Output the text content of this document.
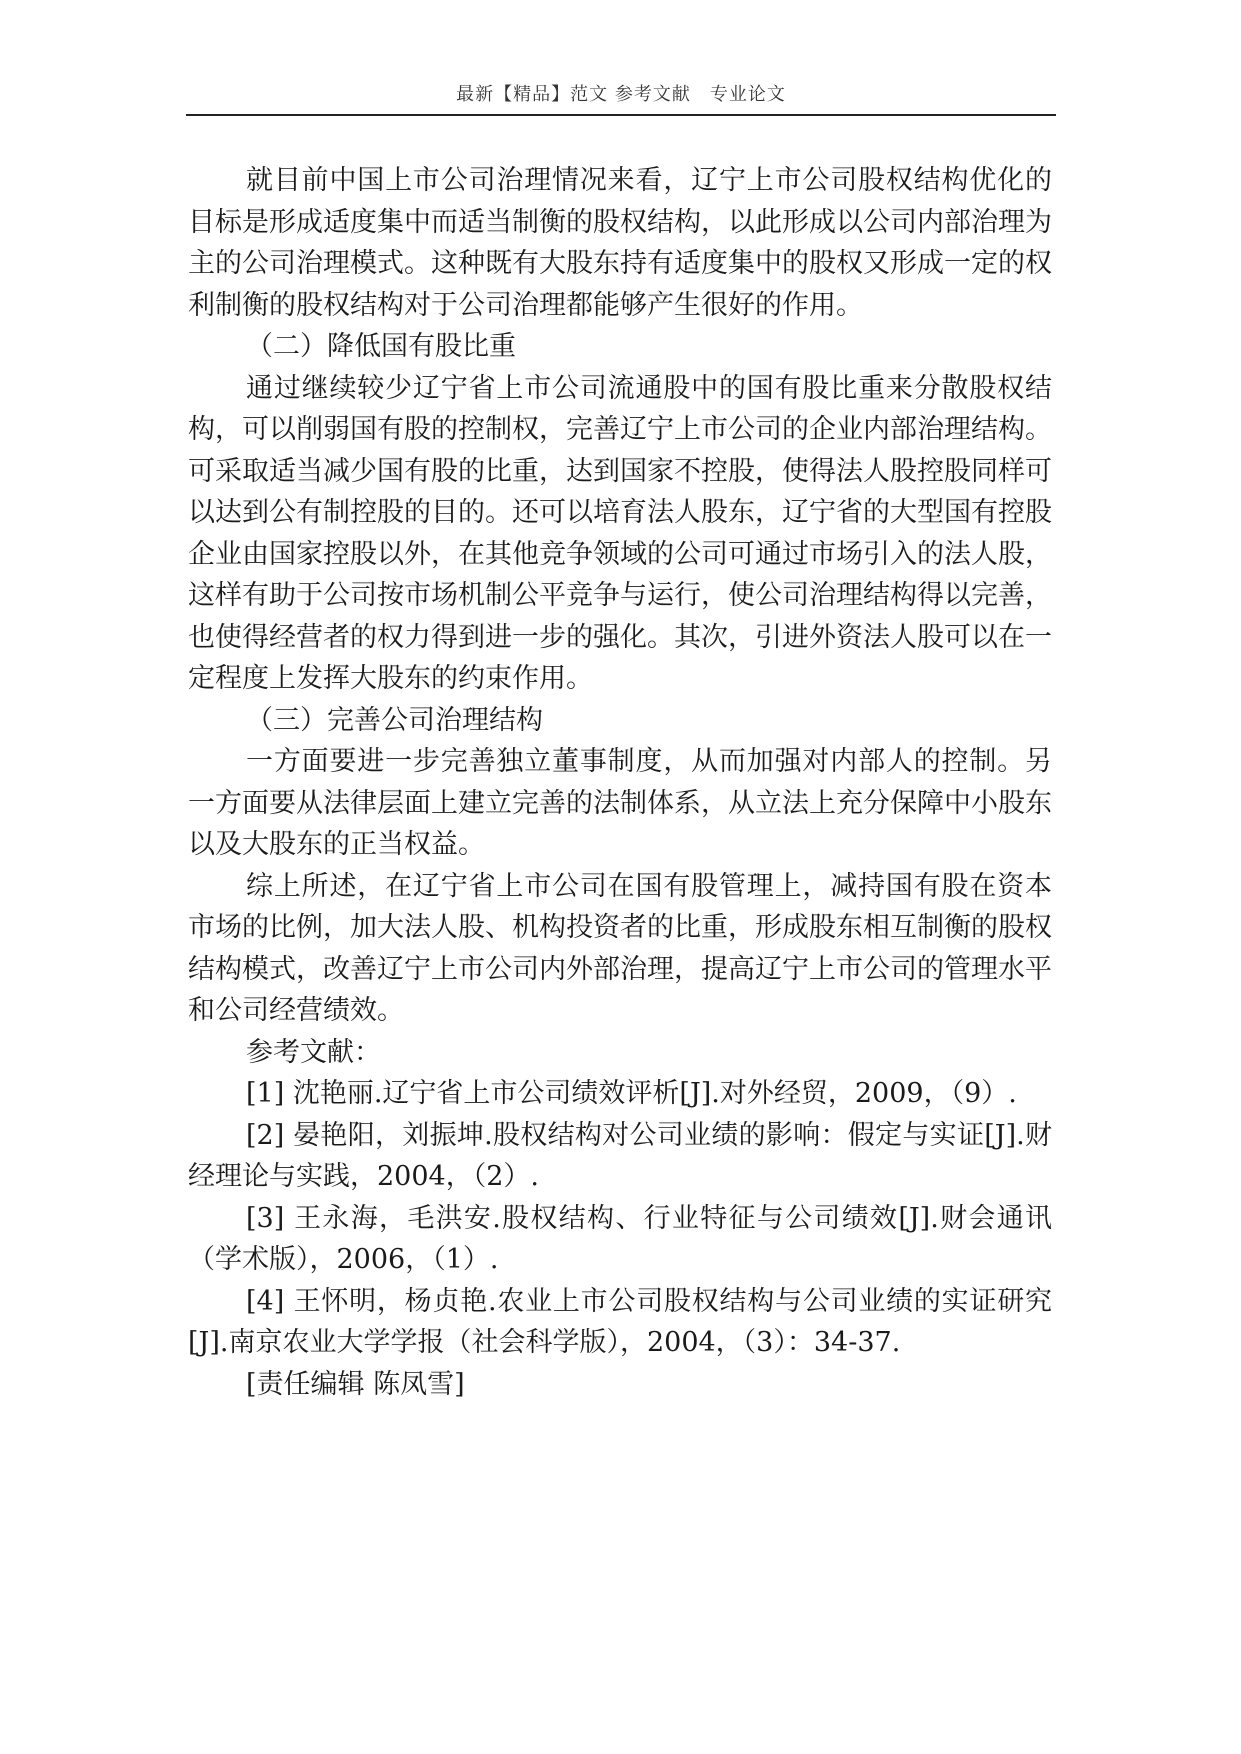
最新【精品】范文 参考文献　专业论文

就目前中国上市公司治理情况来看，辽宁上市公司股权结构优化的目标是形成适度集中而适当制衡的股权结构，以此形成以公司内部治理为主的公司治理模式。这种既有大股东持有适度集中的股权又形成一定的权利制衡的股权结构对于公司治理都能够产生很好的作用。

（二）降低国有股比重

通过继续较少辽宁省上市公司流通股中的国有股比重来分散股权结构，可以削弱国有股的控制权，完善辽宁上市公司的企业内部治理结构。可采取适当减少国有股的比重，达到国家不控股，使得法人股控股同样可以达到公有制控股的目的。还可以培育法人股东，辽宁省的大型国有控股企业由国家控股以外，在其他竞争领域的公司可通过市场引入的法人股，这样有助于公司按市场机制公平竞争与运行，使公司治理结构得以完善，也使得经营者的权力得到进一步的强化。其次，引进外资法人股可以在一定程度上发挥大股东的约束作用。

（三）完善公司治理结构

一方面要进一步完善独立董事制度，从而加强对内部人的控制。另一方面要从法律层面上建立完善的法制体系，从立法上充分保障中小股东以及大股东的正当权益。

综上所述，在辽宁省上市公司在国有股管理上，减持国有股在资本市场的比例，加大法人股、机构投资者的比重，形成股东相互制衡的股权结构模式，改善辽宁上市公司内外部治理，提高辽宁上市公司的管理水平和公司经营绩效。

参考文献：

[1] 沈艳丽.辽宁省上市公司绩效评析[J].对外经贸，2009，（9）.

[2] 晏艳阳，刘振坤.股权结构对公司业绩的影响：假定与实证[J].财经理论与实践，2004，（2）.

[3] 王永海，毛洪安.股权结构、行业特征与公司绩效[J].财会通讯（学术版），2006，（1）.

[4] 王怀明，杨贞艳.农业上市公司股权结构与公司业绩的实证研究[J].南京农业大学学报（社会科学版），2004，（3）：34-37.

[责任编辑 陈凤雪]
